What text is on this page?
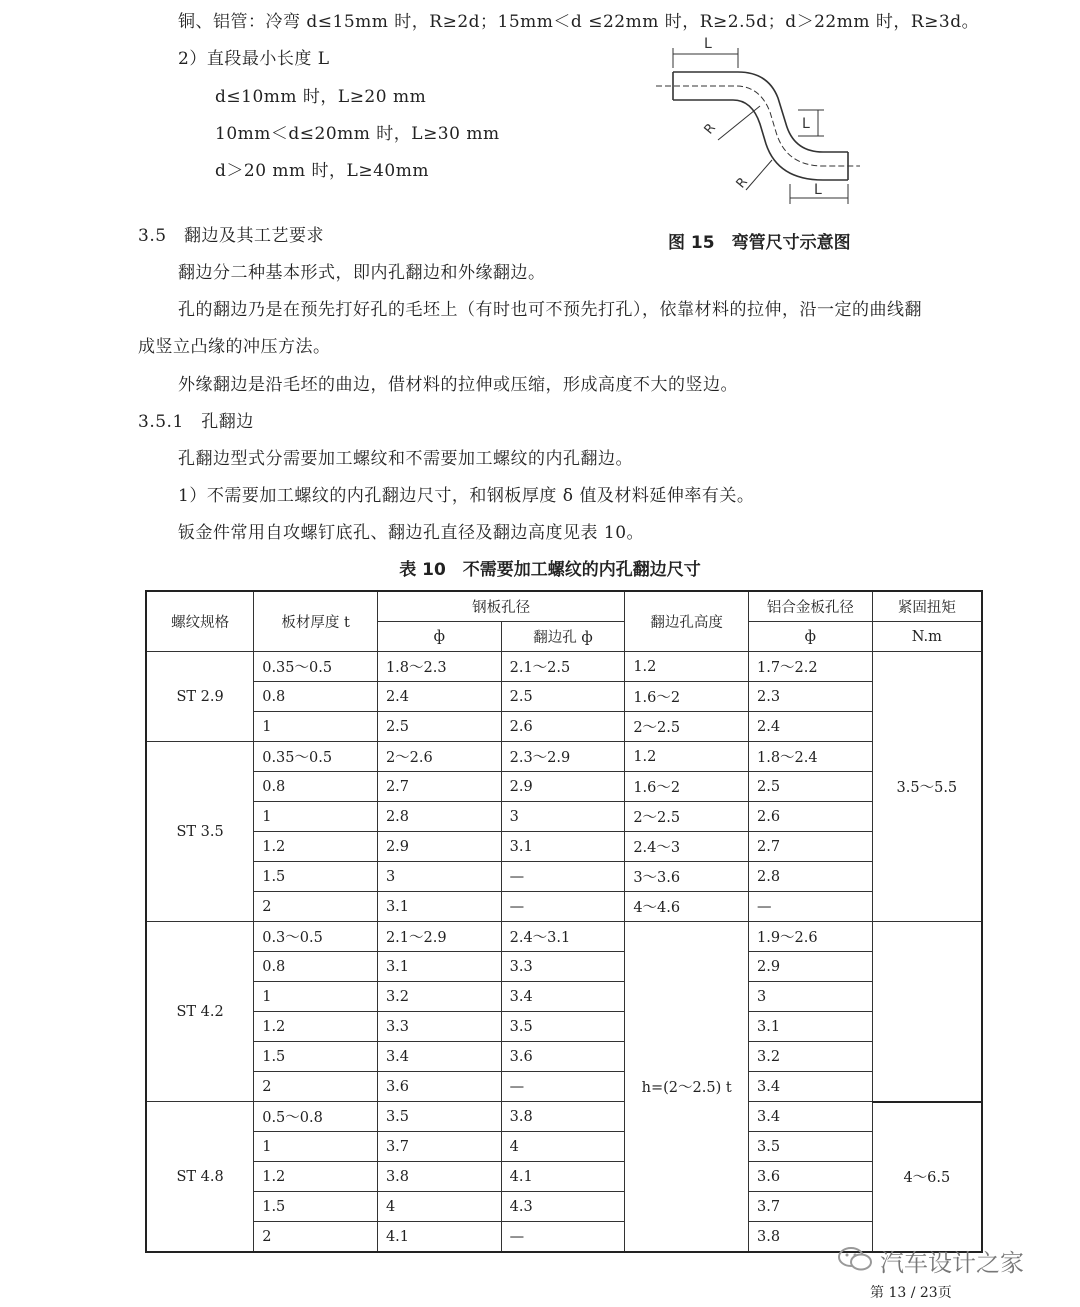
铜、铝管：冷弯 d≤15mm 时，R≥2d；15mm＜d ≤22mm 时，R≥2.5d；d＞22mm 时，R≥3d。
2）直段最小长度 L
d≤10mm 时，L≥20 mm
10mm＜d≤20mm 时，L≥30 mm
d＞20 mm 时，L≥40mm
L
L
L
R
R
图 15　弯管尺寸示意图
3.5　翻边及其工艺要求
翻边分二种基本形式，即内孔翻边和外缘翻边。
孔的翻边乃是在预先打好孔的毛坯上（有时也可不预先打孔），依靠材料的拉伸，沿一定的曲线翻
成竖立凸缘的冲压方法。
外缘翻边是沿毛坯的曲边，借材料的拉伸或压缩，形成高度不大的竖边。
3.5.1　孔翻边
孔翻边型式分需要加工螺纹和不需要加工螺纹的内孔翻边。
1）不需要加工螺纹的内孔翻边尺寸，和钢板厚度 δ 值及材料延伸率有关。
钣金件常用自攻螺钉底孔、翻边孔直径及翻边高度见表 10。
表 10　不需要加工螺纹的内孔翻边尺寸
螺纹规格	板材厚度 t	钢板孔径		翻边孔高度	铝合金板孔径	紧固扭矩
		ф	翻边孔 ф		ф	N.m
ST 2.9	0.35～0.5	1.8～2.3	2.1～2.5	1.2	1.7～2.2	3.5～5.5
	0.8	2.4	2.5	1.6～2	2.3	
	1	2.5	2.6	2～2.5	2.4	
ST 3.5	0.35～0.5	2～2.6	2.3～2.9	1.2	1.8～2.4	
	0.8	2.7	2.9	1.6～2	2.5	
	1	2.8	3	2～2.5	2.6	
	1.2	2.9	3.1	2.4～3	2.7	
	1.5	3	—	3～3.6	2.8	
	2	3.1	—	4～4.6	—	
ST 4.2	0.3～0.5	2.1～2.9	2.4～3.1	h=(2～2.5) t	1.9～2.6	
	0.8	3.1	3.3		2.9	
	1	3.2	3.4		3	
	1.2	3.3	3.5		3.1	
	1.5	3.4	3.6		3.2	
	2	3.6	—		3.4	
ST 4.8	0.5～0.8	3.5	3.8		3.4	4～6.5
	1	3.7	4		3.5	
	1.2	3.8	4.1		3.6	
	1.5	4	4.3		3.7	
	2	4.1	—		3.8	
汽车设计之家
第 13 / 23页
